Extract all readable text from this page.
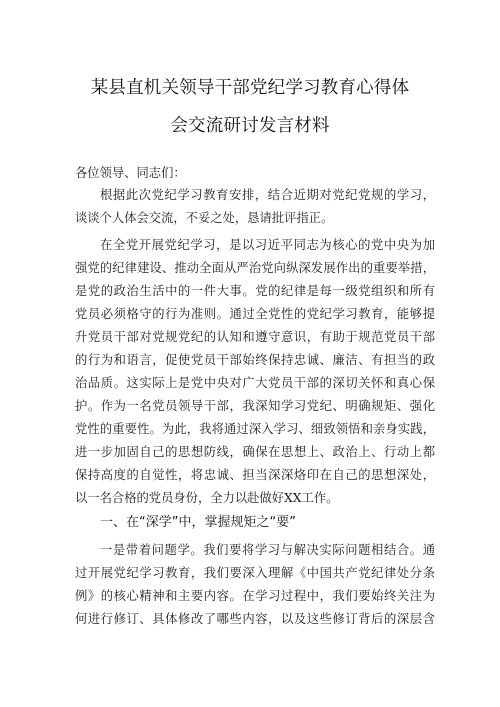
某县直机关领导干部党纪学习教育心得体
会交流研讨发言材料
各位领导、同志们：
根据此次党纪学习教育安排，结合近期对党纪党规的学习，
谈谈个人体会交流，不妥之处，恳请批评指正。
在全党开展党纪学习，是以习近平同志为核心的党中央为加
强党的纪律建设、推动全面从严治党向纵深发展作出的重要举措，
是党的政治生活中的一件大事。党的纪律是每一级党组织和所有
党员必须格守的行为准则。通过全党性的党纪学习教育，能够提
升党员干部对党规党纪的认知和遵守意识，有助于规范党员干部
的行为和语言，促使党员干部始终保持忠诚、廉洁、有担当的政
治品质。这实际上是党中央对广大党员干部的深切关怀和真心保
护。作为一名党员领导干部，我深知学习党纪、明确规矩、强化
党性的重要性。为此，我将通过深入学习、细致领悟和亲身实践，
进一步加固自己的思想防线，确保在思想上、政治上、行动上都
保持高度的自觉性，将忠诚、担当深深烙印在自己的思想深处，
以一名合格的党员身份，全力以赴做好XX工作。
一、在“深学”中，掌握规矩之“要”
一是带着问题学。我们要将学习与解决实际问题相结合。通
过开展党纪学习教育，我们要深入理解《中国共产党纪律处分条
例》的核心精神和主要内容。在学习过程中，我们要始终关注为
何进行修订、具体修改了哪些内容，以及这些修订背后的深层含
